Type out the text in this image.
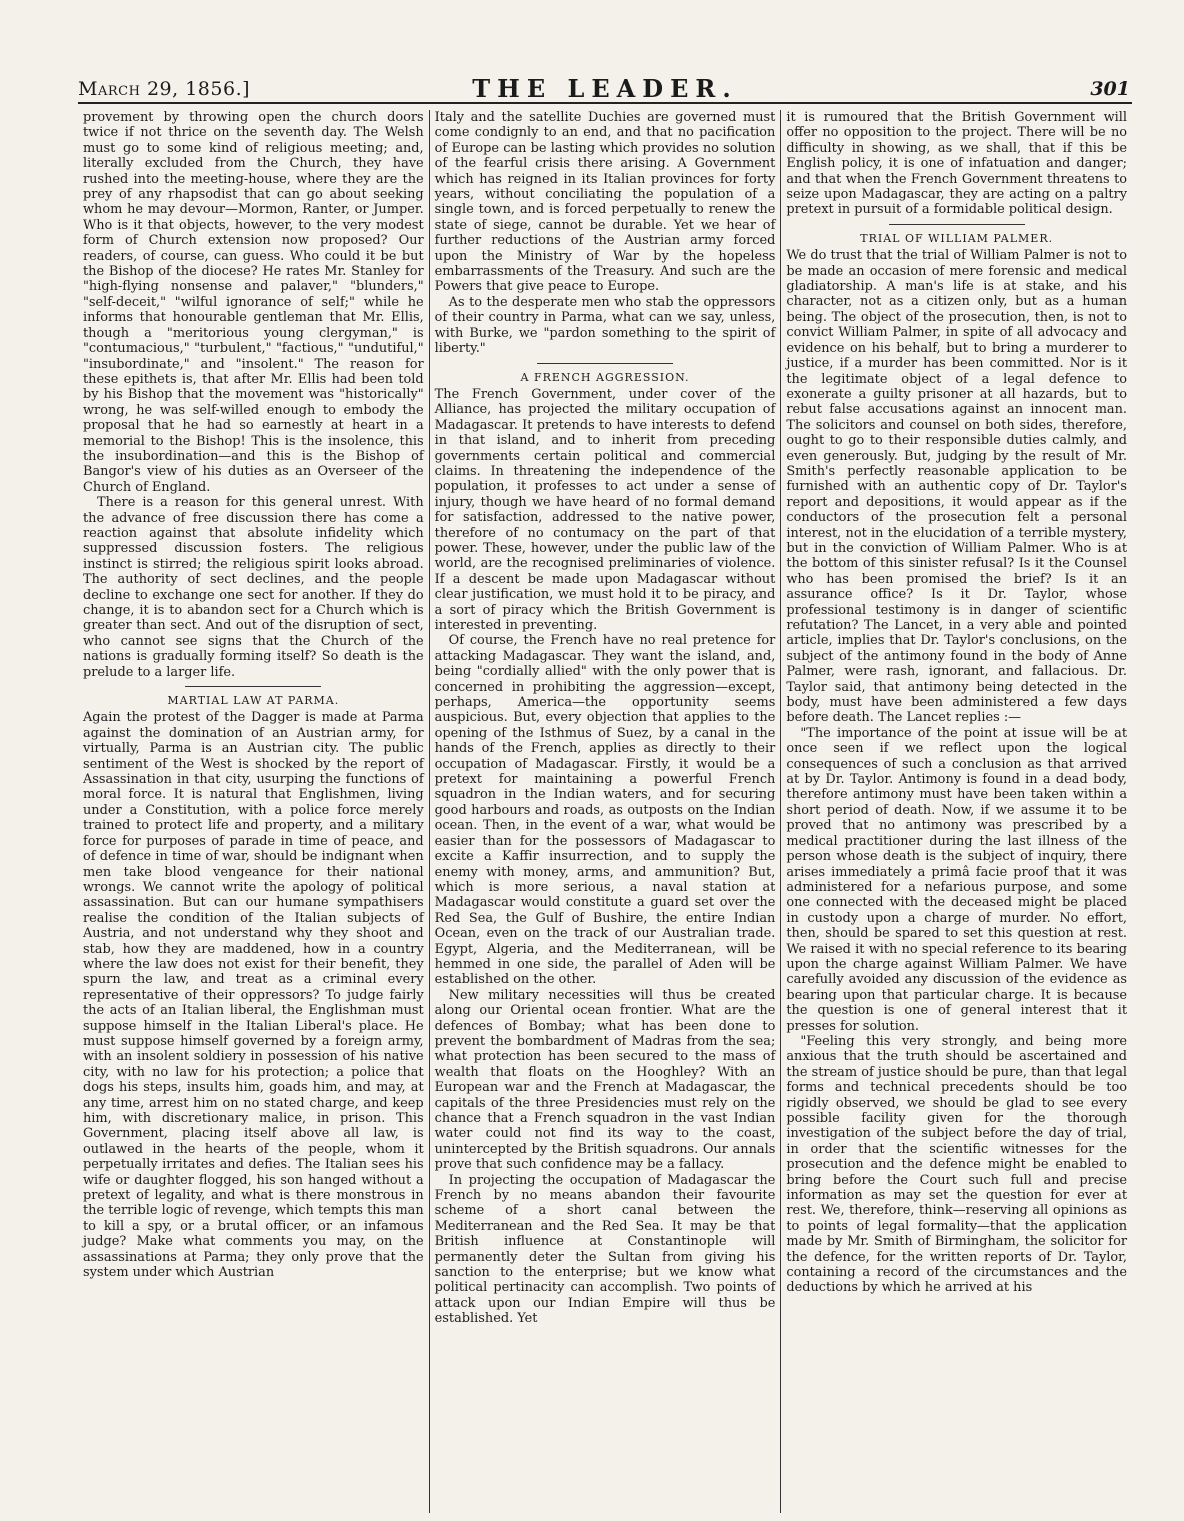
March 29, 1856.]	THE LEADER.	301

provement by throwing open the church doors twice if not thrice on the seventh day. The Welsh must go to some kind of religious meeting; and, literally excluded from the Church, they have rushed into the meeting-house, where they are the prey of any rhapsodist that can go about seeking whom he may devour—Mormon, Ranter, or Jumper. Who is it that objects, however, to the very modest form of Church extension now proposed? Our readers, of course, can guess. Who could it be but the Bishop of the diocese? He rates Mr. Stanley for "high-flying nonsense and palaver," "blunders," "self-deceit," "wilful ignorance of self;" while he informs that honourable gentleman that Mr. Ellis, though a "meritorious young clergyman," is "contumacious," "turbulent," "factious," "undutiful," "insubordinate," and "insolent." The reason for these epithets is, that after Mr. Ellis had been told by his Bishop that the movement was "historically" wrong, he was self-willed enough to embody the proposal that he had so earnestly at heart in a memorial to the Bishop! This is the insolence, this the insubordination—and this is the Bishop of Bangor's view of his duties as an Overseer of the Church of England.

There is a reason for this general unrest. With the advance of free discussion there has come a reaction against that absolute infidelity which suppressed discussion fosters. The religious instinct is stirred; the religious spirit looks abroad. The authority of sect declines, and the people decline to exchange one sect for another. If they do change, it is to abandon sect for a Church which is greater than sect. And out of the disruption of sect, who cannot see signs that the Church of the nations is gradually forming itself? So death is the prelude to a larger life.

MARTIAL LAW AT PARMA.

Again the protest of the Dagger is made at Parma against the domination of an Austrian army, for virtually, Parma is an Austrian city. The public sentiment of the West is shocked by the report of Assassination in that city, usurping the functions of moral force. It is natural that Englishmen, living under a Constitution, with a police force merely trained to protect life and property, and a military force for purposes of parade in time of peace, and of defence in time of war, should be indignant when men take blood vengeance for their national wrongs. We cannot write the apology of political assassination. But can our humane sympathisers realise the condition of the Italian subjects of Austria, and not understand why they shoot and stab, how they are maddened, how in a country where the law does not exist for their benefit, they spurn the law, and treat as a criminal every representative of their oppressors? To judge fairly the acts of an Italian liberal, the Englishman must suppose himself in the Italian Liberal's place. He must suppose himself governed by a foreign army, with an insolent soldiery in possession of his native city, with no law for his protection; a police that dogs his steps, insults him, goads him, and may, at any time, arrest him on no stated charge, and keep him, with discretionary malice, in prison. This Government, placing itself above all law, is outlawed in the hearts of the people, whom it perpetually irritates and defies. The Italian sees his wife or daughter flogged, his son hanged without a pretext of legality, and what is there monstrous in the terrible logic of revenge, which tempts this man to kill a spy, or a brutal officer, or an infamous judge? Make what comments you may, on the assassinations at Parma; they only prove that the system under which Austrian

Italy and the satellite Duchies are governed must come condignly to an end, and that no pacification of Europe can be lasting which provides no solution of the fearful crisis there arising. A Government which has reigned in its Italian provinces for forty years, without conciliating the population of a single town, and is forced perpetually to renew the state of siege, cannot be durable. Yet we hear of further reductions of the Austrian army forced upon the Ministry of War by the hopeless embarrassments of the Treasury. And such are the Powers that give peace to Europe.

As to the desperate men who stab the oppressors of their country in Parma, what can we say, unless, with Burke, we "pardon something to the spirit of liberty."

A FRENCH AGGRESSION.

The French Government, under cover of the Alliance, has projected the military occupation of Madagascar. It pretends to have interests to defend in that island, and to inherit from preceding governments certain political and commercial claims. In threatening the independence of the population, it professes to act under a sense of injury, though we have heard of no formal demand for satisfaction, addressed to the native power, therefore of no contumacy on the part of that power. These, however, under the public law of the world, are the recognised preliminaries of violence. If a descent be made upon Madagascar without clear justification, we must hold it to be piracy, and a sort of piracy which the British Government is interested in preventing.

Of course, the French have no real pretence for attacking Madagascar. They want the island, and, being "cordially allied" with the only power that is concerned in prohibiting the aggression—except, perhaps, America—the opportunity seems auspicious. But, every objection that applies to the opening of the Isthmus of Suez, by a canal in the hands of the French, applies as directly to their occupation of Madagascar. Firstly, it would be a pretext for maintaining a powerful French squadron in the Indian waters, and for securing good harbours and roads, as outposts on the Indian ocean. Then, in the event of a war, what would be easier than for the possessors of Madagascar to excite a Kaffir insurrection, and to supply the enemy with money, arms, and ammunition? But, which is more serious, a naval station at Madagascar would constitute a guard set over the Red Sea, the Gulf of Bushire, the entire Indian Ocean, even on the track of our Australian trade. Egypt, Algeria, and the Mediterranean, will be hemmed in one side, the parallel of Aden will be established on the other.

New military necessities will thus be created along our Oriental ocean frontier. What are the defences of Bombay; what has been done to prevent the bombardment of Madras from the sea; what protection has been secured to the mass of wealth that floats on the Hooghley? With an European war and the French at Madagascar, the capitals of the three Presidencies must rely on the chance that a French squadron in the vast Indian water could not find its way to the coast, unintercepted by the British squadrons. Our annals prove that such confidence may be a fallacy.

In projecting the occupation of Madagascar the French by no means abandon their favourite scheme of a short canal between the Mediterranean and the Red Sea. It may be that British influence at Constantinople will permanently deter the Sultan from giving his sanction to the enterprise; but we know what political pertinacity can accomplish. Two points of attack upon our Indian Empire will thus be established. Yet

it is rumoured that the British Government will offer no opposition to the project. There will be no difficulty in showing, as we shall, that if this be English policy, it is one of infatuation and danger; and that when the French Government threatens to seize upon Madagascar, they are acting on a paltry pretext in pursuit of a formidable political design.

TRIAL OF WILLIAM PALMER.

We do trust that the trial of William Palmer is not to be made an occasion of mere forensic and medical gladiatorship. A man's life is at stake, and his character, not as a citizen only, but as a human being. The object of the prosecution, then, is not to convict William Palmer, in spite of all advocacy and evidence on his behalf, but to bring a murderer to justice, if a murder has been committed. Nor is it the legitimate object of a legal defence to exonerate a guilty prisoner at all hazards, but to rebut false accusations against an innocent man. The solicitors and counsel on both sides, therefore, ought to go to their responsible duties calmly, and even generously. But, judging by the result of Mr. Smith's perfectly reasonable application to be furnished with an authentic copy of Dr. Taylor's report and depositions, it would appear as if the conductors of the prosecution felt a personal interest, not in the elucidation of a terrible mystery, but in the conviction of William Palmer. Who is at the bottom of this sinister refusal? Is it the Counsel who has been promised the brief? Is it an assurance office? Is it Dr. Taylor, whose professional testimony is in danger of scientific refutation? The Lancet, in a very able and pointed article, implies that Dr. Taylor's conclusions, on the subject of the antimony found in the body of Anne Palmer, were rash, ignorant, and fallacious. Dr. Taylor said, that antimony being detected in the body, must have been administered a few days before death. The Lancet replies :—

"The importance of the point at issue will be at once seen if we reflect upon the logical consequences of such a conclusion as that arrived at by Dr. Taylor. Antimony is found in a dead body, therefore antimony must have been taken within a short period of death. Now, if we assume it to be proved that no antimony was prescribed by a medical practitioner during the last illness of the person whose death is the subject of inquiry, there arises immediately a primâ facie proof that it was administered for a nefarious purpose, and some one connected with the deceased might be placed in custody upon a charge of murder. No effort, then, should be spared to set this question at rest. We raised it with no special reference to its bearing upon the charge against William Palmer. We have carefully avoided any discussion of the evidence as bearing upon that particular charge. It is because the question is one of general interest that it presses for solution.

"Feeling this very strongly, and being more anxious that the truth should be ascertained and the stream of justice should be pure, than that legal forms and technical precedents should be too rigidly observed, we should be glad to see every possible facility given for the thorough investigation of the subject before the day of trial, in order that the scientific witnesses for the prosecution and the defence might be enabled to bring before the Court such full and precise information as may set the question for ever at rest. We, therefore, think—reserving all opinions as to points of legal formality—that the application made by Mr. Smith of Birmingham, the solicitor for the defence, for the written reports of Dr. Taylor, containing a record of the circumstances and the deductions by which he arrived at his
